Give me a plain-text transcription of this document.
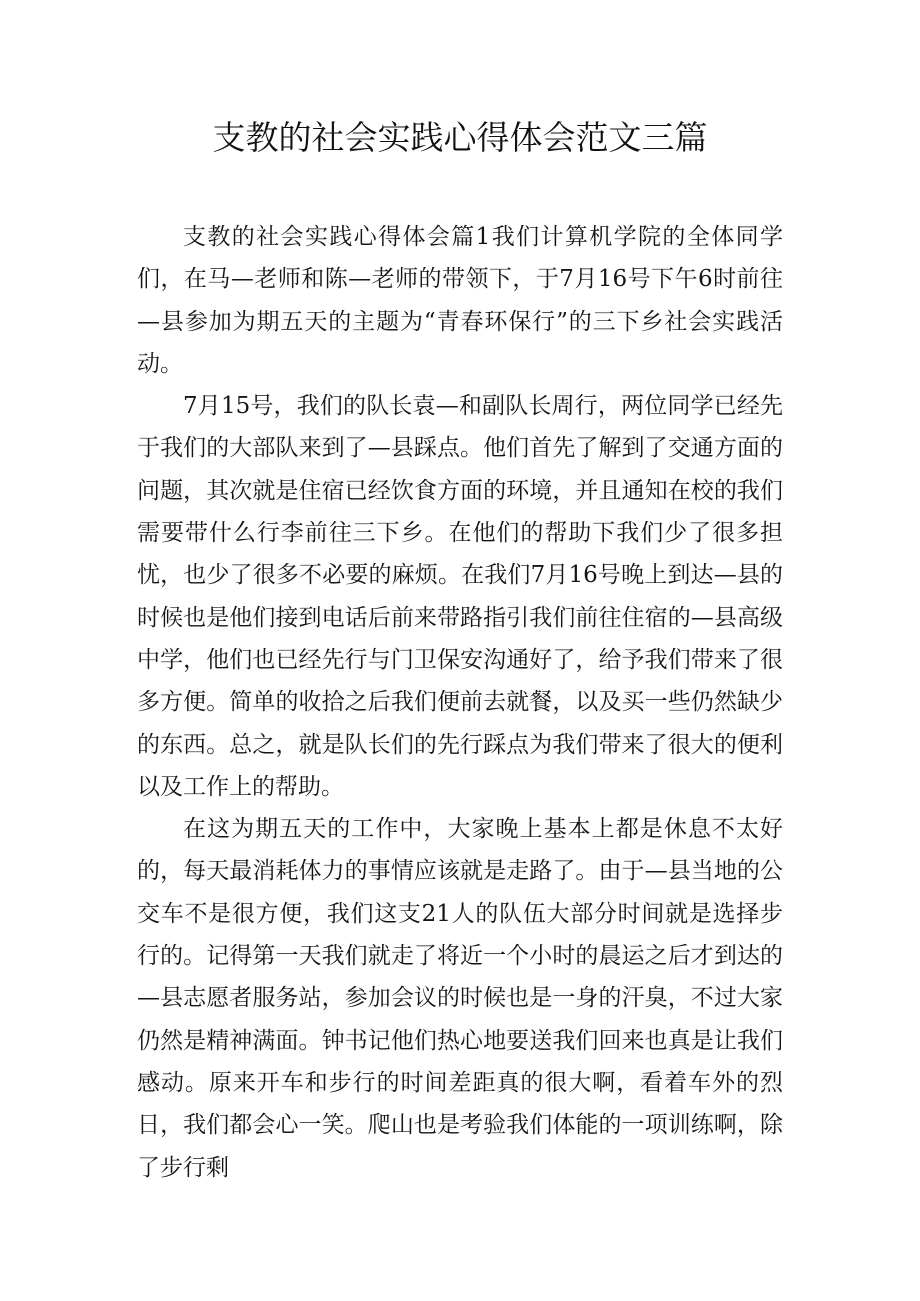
支教的社会实践心得体会范文三篇

支教的社会实践心得体会篇1我们计算机学院的全体同学们，在马—老师和陈—老师的带领下，于7月16号下午6时前往—县参加为期五天的主题为“青春环保行”的三下乡社会实践活动。

7月15号，我们的队长袁—和副队长周行，两位同学已经先于我们的大部队来到了—县踩点。他们首先了解到了交通方面的问题，其次就是住宿已经饮食方面的环境，并且通知在校的我们需要带什么行李前往三下乡。在他们的帮助下我们少了很多担忧，也少了很多不必要的麻烦。在我们7月16号晚上到达—县的时候也是他们接到电话后前来带路指引我们前往住宿的—县高级中学，他们也已经先行与门卫保安沟通好了，给予我们带来了很多方便。简单的收拾之后我们便前去就餐，以及买一些仍然缺少的东西。总之，就是队长们的先行踩点为我们带来了很大的便利以及工作上的帮助。

在这为期五天的工作中，大家晚上基本上都是休息不太好的，每天最消耗体力的事情应该就是走路了。由于—县当地的公交车不是很方便，我们这支21人的队伍大部分时间就是选择步行的。记得第一天我们就走了将近一个小时的晨运之后才到达的—县志愿者服务站，参加会议的时候也是一身的汗臭，不过大家仍然是精神满面。钟书记他们热心地要送我们回来也真是让我们感动。原来开车和步行的时间差距真的很大啊，看着车外的烈日，我们都会心一笑。爬山也是考验我们体能的一项训练啊，除了步行剩
